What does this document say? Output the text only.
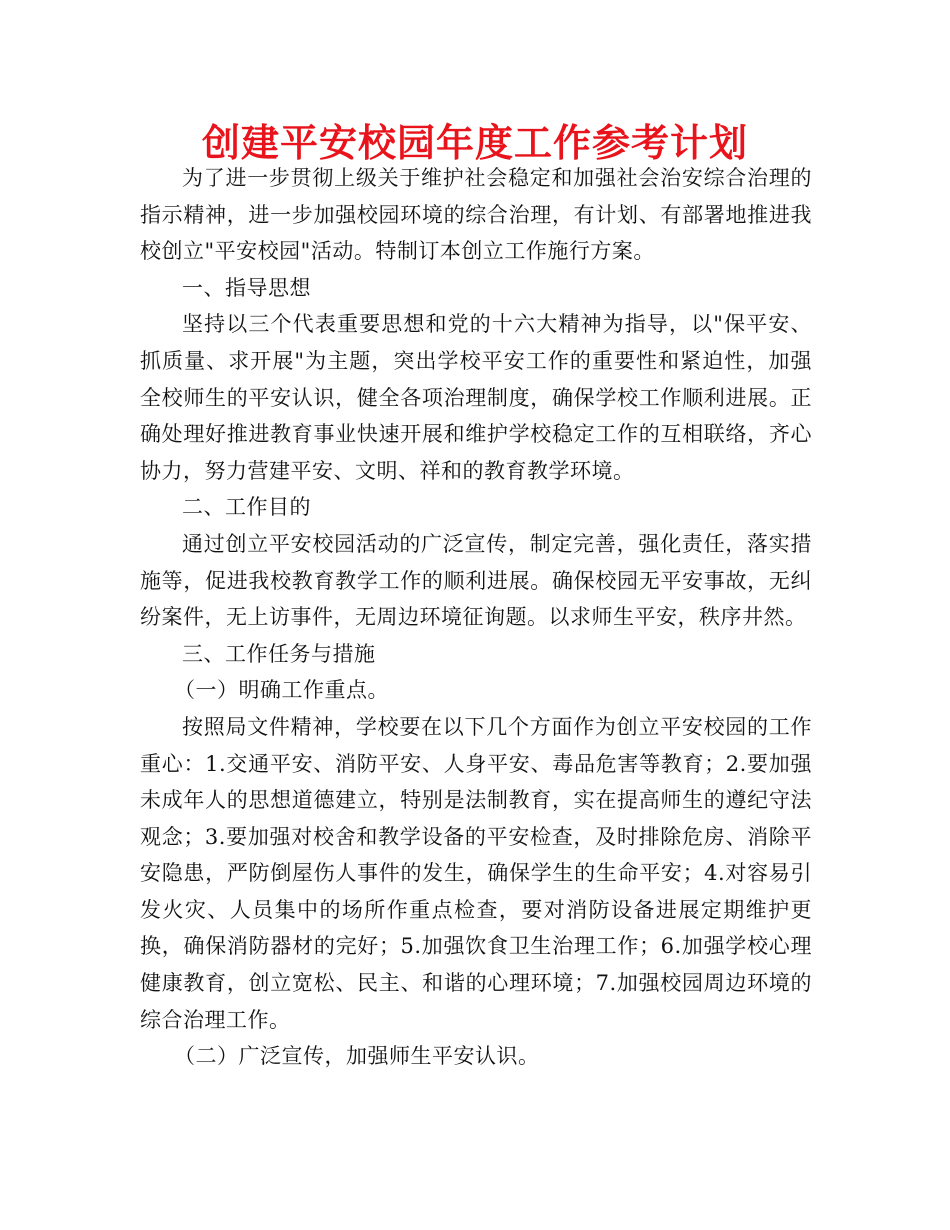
创建平安校园年度工作参考计划

为了进一步贯彻上级关于维护社会稳定和加强社会治安综合治理的指示精神，进一步加强校园环境的综合治理，有计划、有部署地推进我校创立"平安校园"活动。特制订本创立工作施行方案。

一、指导思想

坚持以三个代表重要思想和党的十六大精神为指导，以"保平安、抓质量、求开展"为主题，突出学校平安工作的重要性和紧迫性，加强全校师生的平安认识，健全各项治理制度，确保学校工作顺利进展。正确处理好推进教育事业快速开展和维护学校稳定工作的互相联络，齐心协力，努力营建平安、文明、祥和的教育教学环境。

二、工作目的

通过创立平安校园活动的广泛宣传，制定完善，强化责任，落实措施等，促进我校教育教学工作的顺利进展。确保校园无平安事故，无纠纷案件，无上访事件，无周边环境征询题。以求师生平安，秩序井然。

三、工作任务与措施

（一）明确工作重点。

按照局文件精神，学校要在以下几个方面作为创立平安校园的工作重心：1.交通平安、消防平安、人身平安、毒品危害等教育；2.要加强未成年人的思想道德建立，特别是法制教育，实在提高师生的遵纪守法观念；3.要加强对校舍和教学设备的平安检查，及时排除危房、消除平安隐患，严防倒屋伤人事件的发生，确保学生的生命平安；4.对容易引发火灾、人员集中的场所作重点检查，要对消防设备进展定期维护更换，确保消防器材的完好；5.加强饮食卫生治理工作；6.加强学校心理健康教育，创立宽松、民主、和谐的心理环境；7.加强校园周边环境的综合治理工作。

（二）广泛宣传，加强师生平安认识。
